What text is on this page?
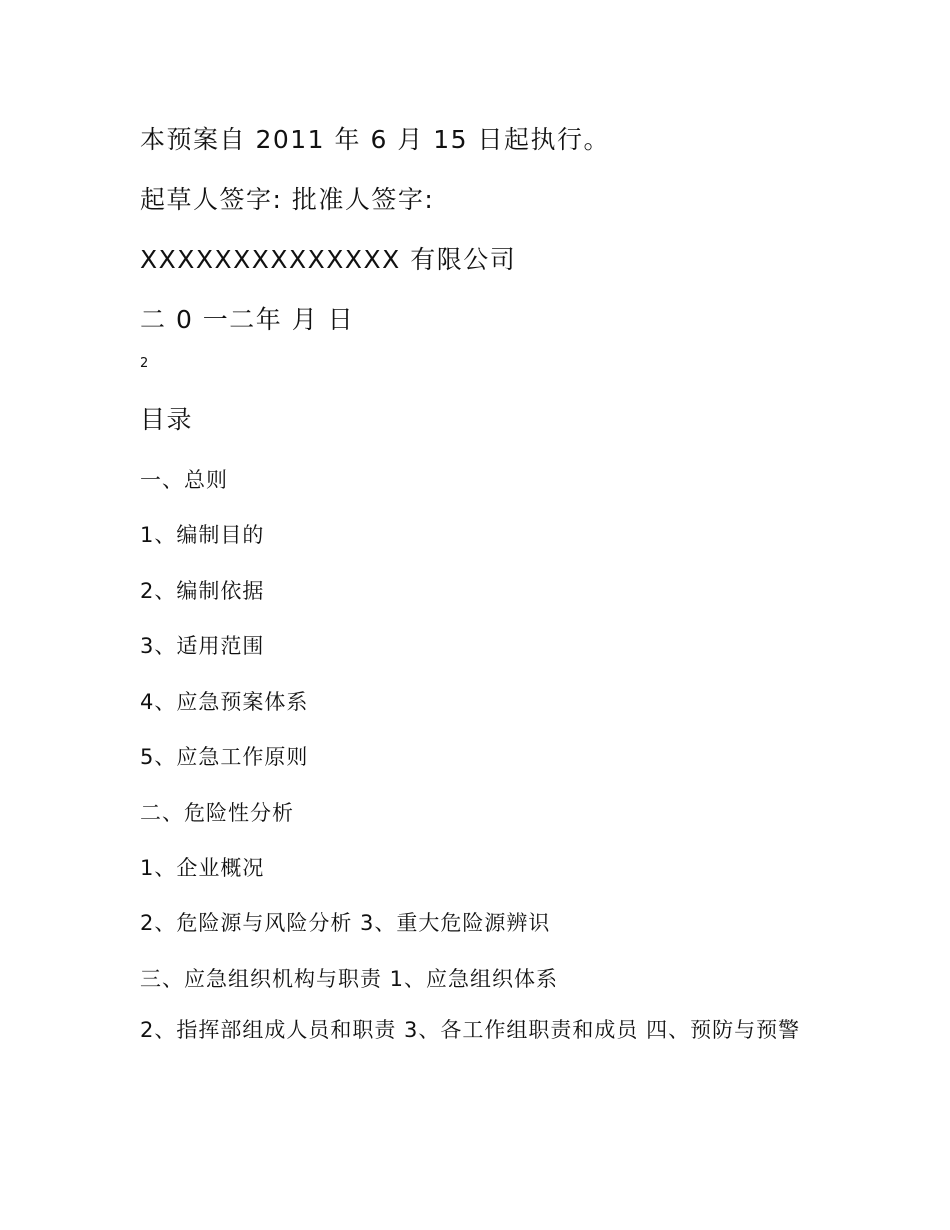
本预案自 2011 年 6 月 15 日起执行。
起草人签字: 批准人签字:
XXXXXXXXXXXXXX 有限公司
二 0 一二年 月 日
2
目录
一、总则
1、编制目的
2、编制依据
3、适用范围
4、应急预案体系
5、应急工作原则
二、危险性分析
1、企业概况
2、危险源与风险分析 3、重大危险源辨识
三、应急组织机构与职责 1、应急组织体系
2、指挥部组成人员和职责 3、各工作组职责和成员 四、预防与预警
